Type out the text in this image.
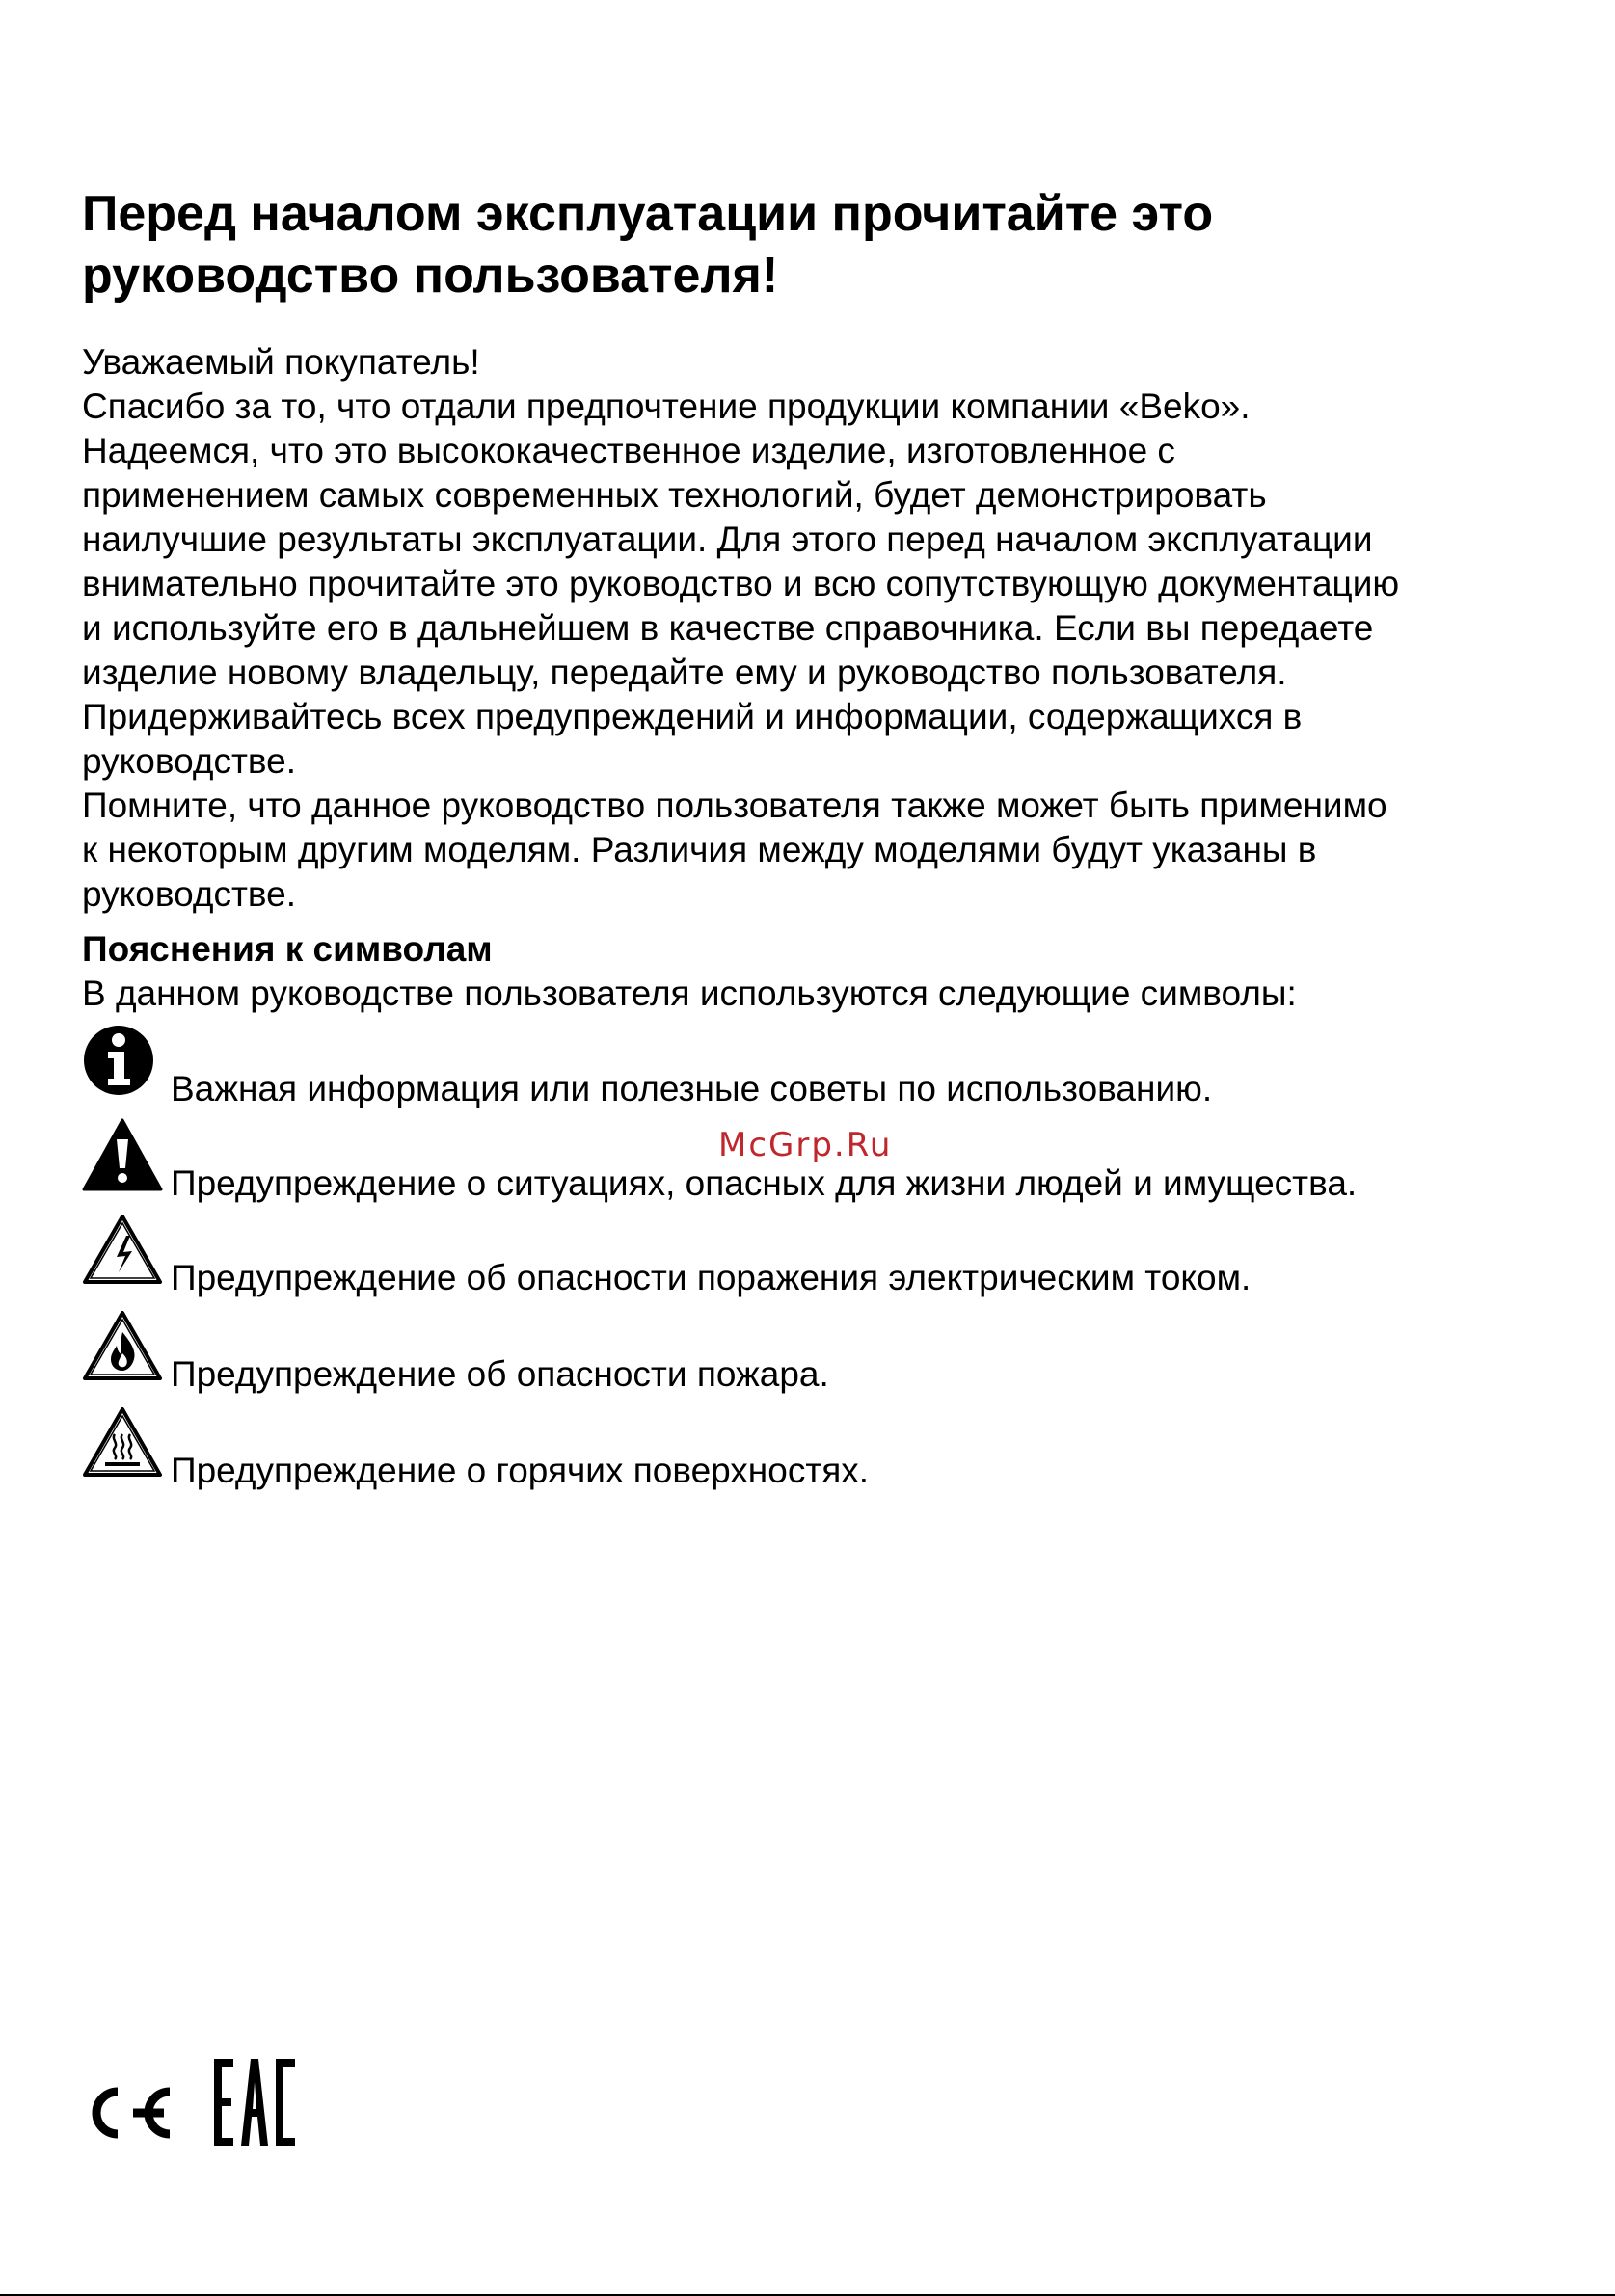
Перед началом эксплуатации прочитайте это
руководство пользователя!
Уважаемый покупатель!
Спасибо за то, что отдали предпочтение продукции компании «Beko».
Надеемся, что это высококачественное изделие, изготовленное с
применением самых современных технологий, будет демонстрировать
наилучшие результаты эксплуатации. Для этого перед началом эксплуатации
внимательно прочитайте это руководство и всю сопутствующую документацию
и используйте его в дальнейшем в качестве справочника. Если вы передаете
изделие новому владельцу, передайте ему и руководство пользователя.
Придерживайтесь всех предупреждений и информации, содержащихся в
руководстве.
Помните, что данное руководство пользователя также может быть применимо
к некоторым другим моделям. Различия между моделями будут указаны в
руководстве.
Пояснения к символам
В данном руководстве пользователя используются следующие символы:
Важная информация или полезные советы по использованию.
Предупреждение о ситуациях, опасных для жизни людей и имущества.
Предупреждение об опасности поражения электрическим током.
Предупреждение об опасности пожара.
Предупреждение о горячих поверхностях.
McGrp.Ru
